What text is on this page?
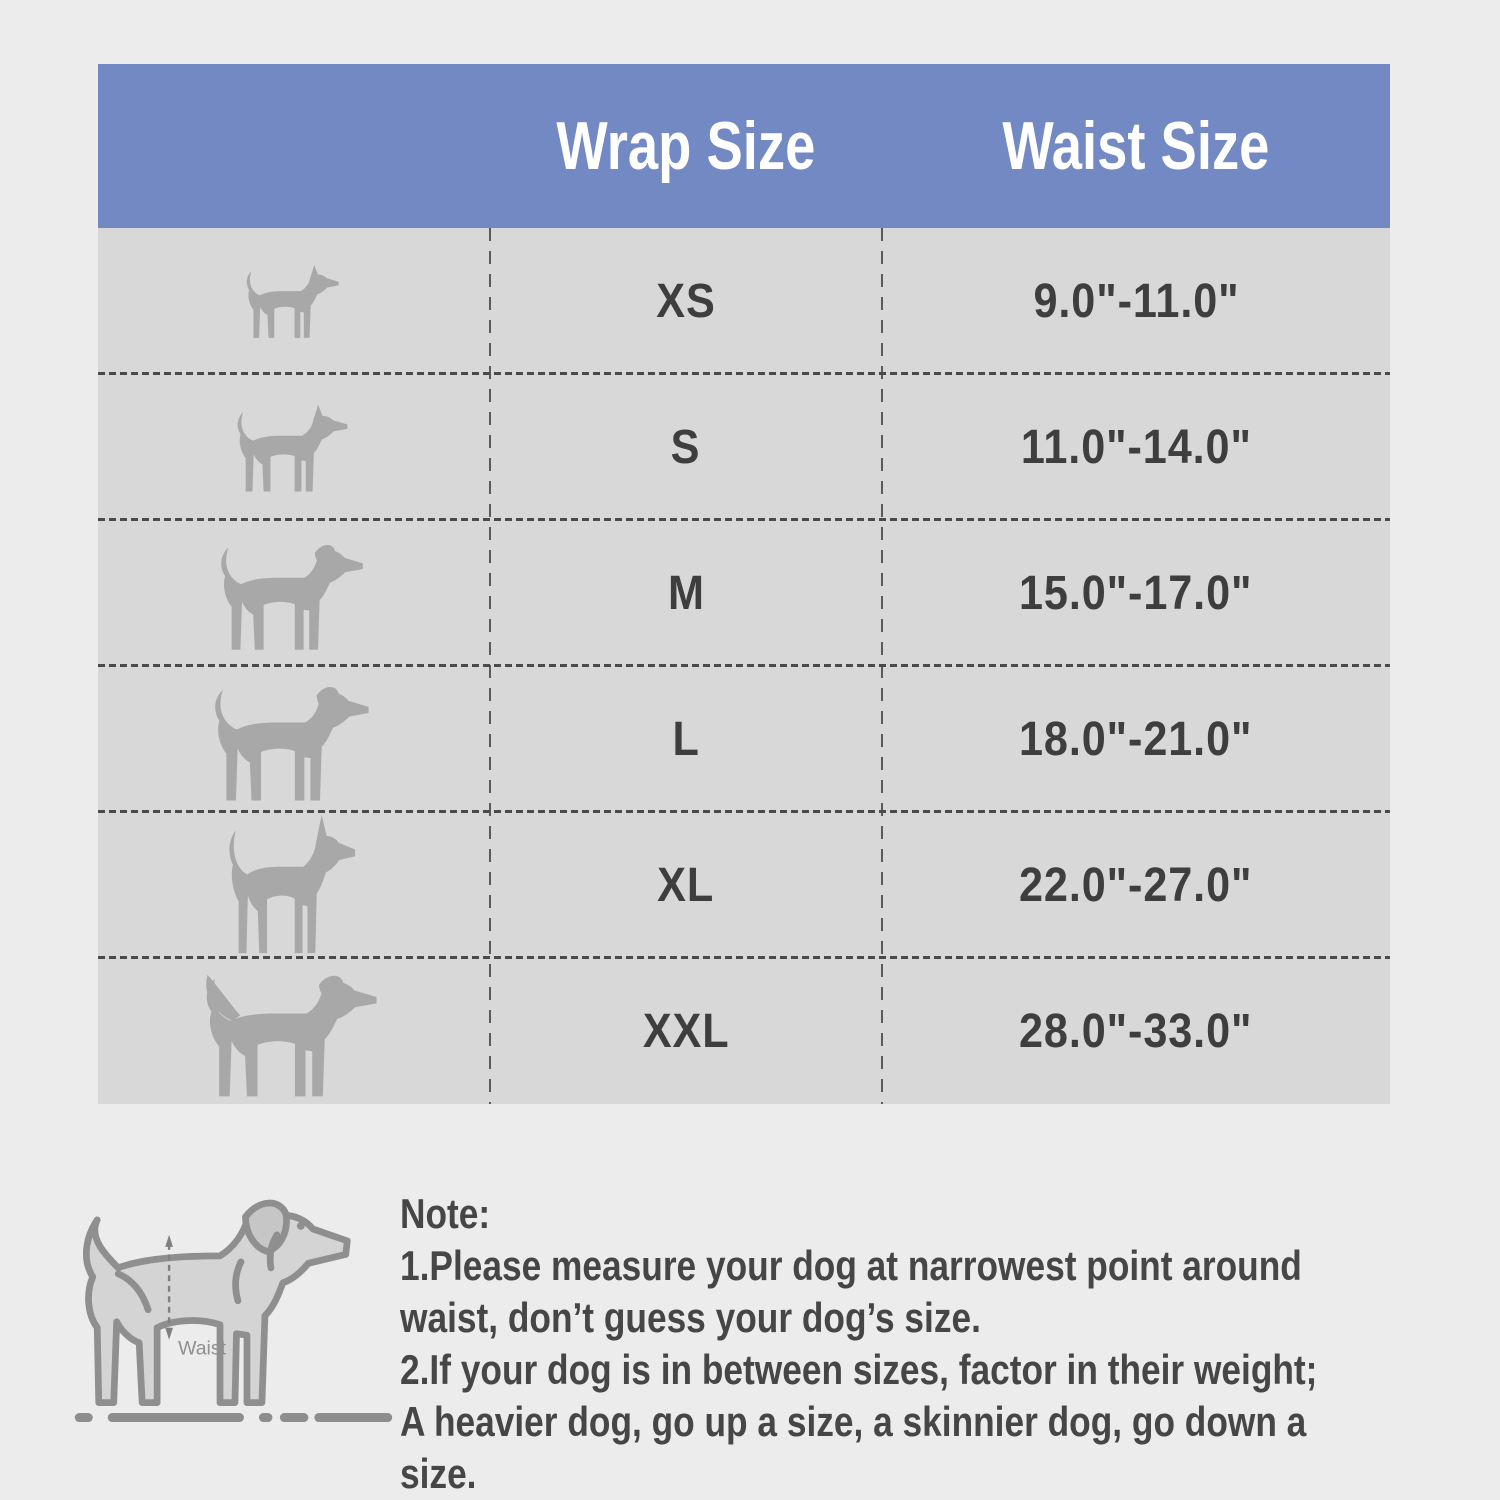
Wrap Size	Waist Size
XS	9.0"-11.0"
S	11.0"-14.0"
M	15.0"-17.0"
L	18.0"-21.0"
XL	22.0"-27.0"
XXL	28.0"-33.0"
Waist
Note:
1.Please measure your dog at narrowest point around
waist, don’t guess your dog’s size.
2.If your dog is in between sizes, factor in their weight;
A heavier dog, go up a size, a skinnier dog, go down a  size.
